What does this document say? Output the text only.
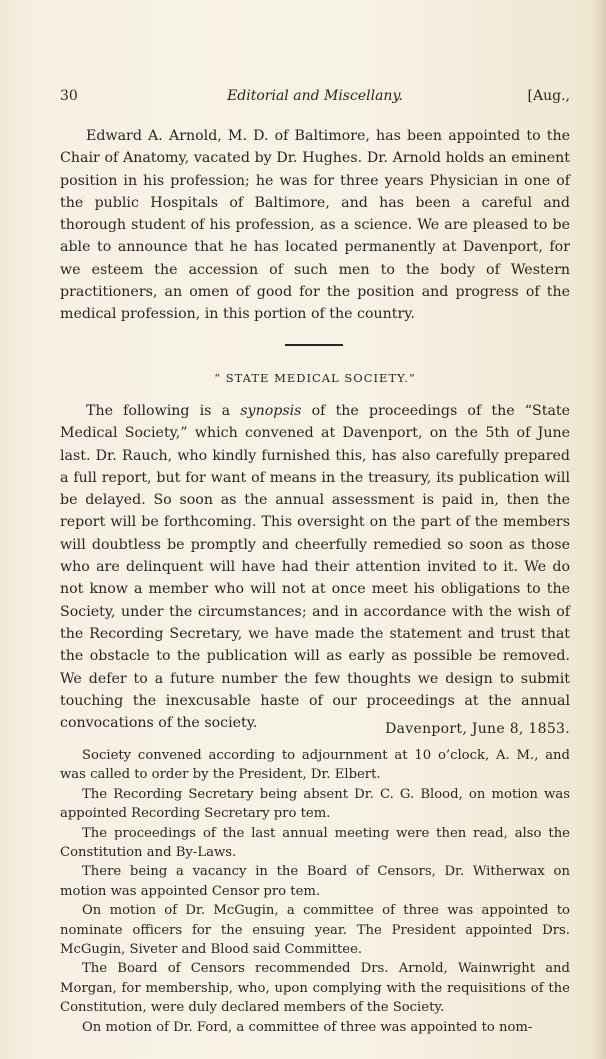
30	Editorial and Miscellany.	[Aug.,

Edward A. Arnold, M. D. of Baltimore, has been appointed to the Chair of Anatomy, vacated by Dr. Hughes. Dr. Arnold holds an eminent position in his profession; he was for three years Physician in one of the public Hospitals of Baltimore, and has been a careful and thorough student of his profession, as a science. We are pleased to be able to announce that he has located permanently at Davenport, for we esteem the accession of such men to the body of Western practitioners, an omen of good for the position and progress of the medical profession, in this portion of the country.

“ STATE MEDICAL SOCIETY.”

The following is a synopsis of the proceedings of the “State Medical Society,” which convened at Davenport, on the 5th of June last. Dr. Rauch, who kindly furnished this, has also carefully prepared a full report, but for want of means in the treasury, its publication will be delayed. So soon as the annual assessment is paid in, then the report will be forthcoming. This oversight on the part of the members will doubtless be promptly and cheerfully remedied so soon as those who are delinquent will have had their attention invited to it. We do not know a member who will not at once meet his obligations to the Society, under the circumstances; and in accordance with the wish of the Recording Secretary, we have made the statement and trust that the obstacle to the publication will as early as possible be removed. We defer to a future number the few thoughts we design to submit touching the inexcusable haste of our proceedings at the annual convocations of the society.	Davenport, June 8, 1853.

Society convened according to adjournment at 10 o’clock, A. M., and was called to order by the President, Dr. Elbert.

The Recording Secretary being absent Dr. C. G. Blood, on motion was appointed Recording Secretary pro tem.

The proceedings of the last annual meeting were then read, also the Constitution and By-Laws.

There being a vacancy in the Board of Censors, Dr. Witherwax on motion was appointed Censor pro tem.

On motion of Dr. McGugin, a committee of three was appointed to nominate officers for the ensuing year. The President appointed Drs. McGugin, Siveter and Blood said Committee.

The Board of Censors recommended Drs. Arnold, Wainwright and Morgan, for membership, who, upon complying with the requisitions of the Constitution, were duly declared members of the Society.

On motion of Dr. Ford, a committee of three was appointed to nom-
